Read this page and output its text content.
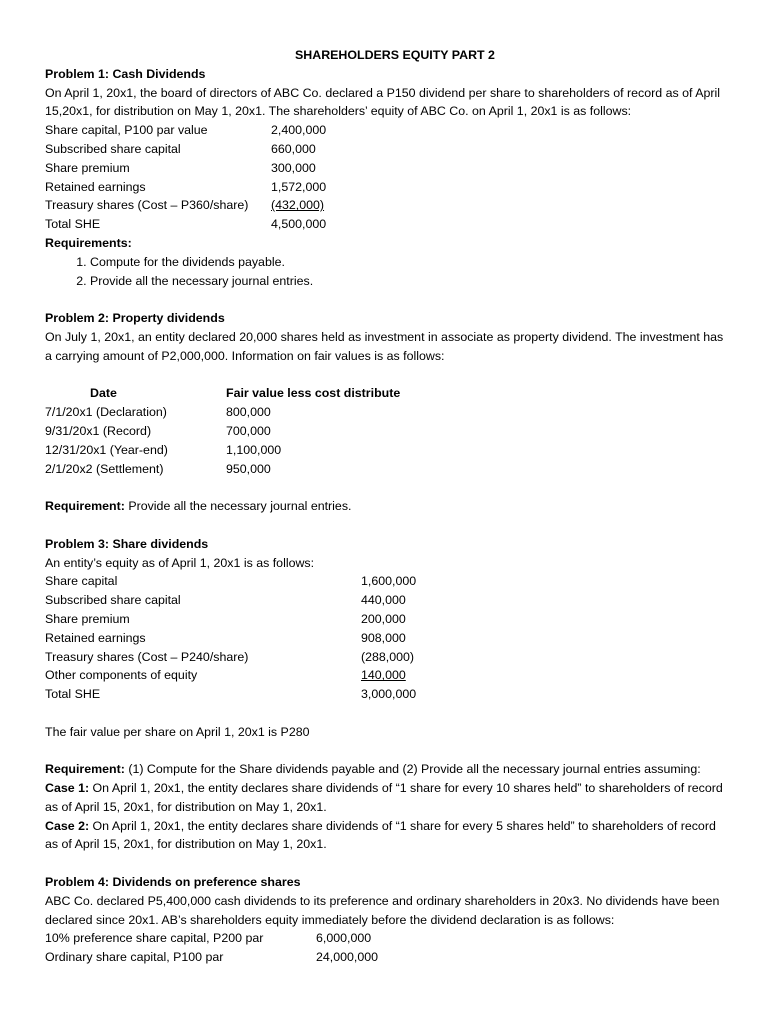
SHAREHOLDERS EQUITY PART 2
Problem 1: Cash Dividends

On April 1, 20x1, the board of directors of ABC Co. declared a P150 dividend per share to shareholders of record as of April 15,20x1, for distribution on May 1, 20x1. The shareholders’ equity of ABC Co. on April 1, 20x1 is as follows:

Share capital, P100 par value	2,400,000
Subscribed share capital	660,000
Share premium	300,000
Retained earnings	1,572,000
Treasury shares (Cost – P360/share) (432,000)
Total SHE	4,500,000
Requirements:
1. Compute for the dividends payable.
2. Provide all the necessary journal entries.
Problem 2: Property dividends

On July 1, 20x1, an entity declared 20,000 shares held as investment in associate as property dividend. The investment has a carrying amount of P2,000,000. Information on fair values is as follows:

Date	Fair value less cost distribute
7/1/20x1 (Declaration)	800,000
9/31/20x1 (Record)	700,000
12/31/20x1 (Year-end)	1,100,000
2/1/20x2 (Settlement)	950,000

Requirement: Provide all the necessary journal entries.

Problem 3: Share dividends
An entity’s equity as of April 1, 20x1 is as follows:
Share capital	1,600,000
Subscribed share capital	440,000
Share premium	200,000
Retained earnings	908,000
Treasury shares (Cost – P240/share)	(288,000)
Other components of equity	140,000
Total SHE	3,000,000
The fair value per share on April 1, 20x1 is P280

Requirement: (1) Compute for the Share dividends payable and (2) Provide all the necessary journal entries assuming:

Case 1: On April 1, 20x1, the entity declares share dividends of “1 share for every 10 shares held” to shareholders of record as of April 15, 20x1, for distribution on May 1, 20x1.

Case 2: On April 1, 20x1, the entity declares share dividends of “1 share for every 5 shares held” to shareholders of record as of April 15, 20x1, for distribution on May 1, 20x1.

Problem 4: Dividends on preference shares

ABC Co. declared P5,400,000 cash dividends to its preference and ordinary shareholders in 20x3. No dividends have been declared since 20x1. AB’s shareholders equity immediately before the dividend declaration is as follows:

10% preference share capital, P200 par	6,000,000
Ordinary share capital, P100 par	24,000,000
